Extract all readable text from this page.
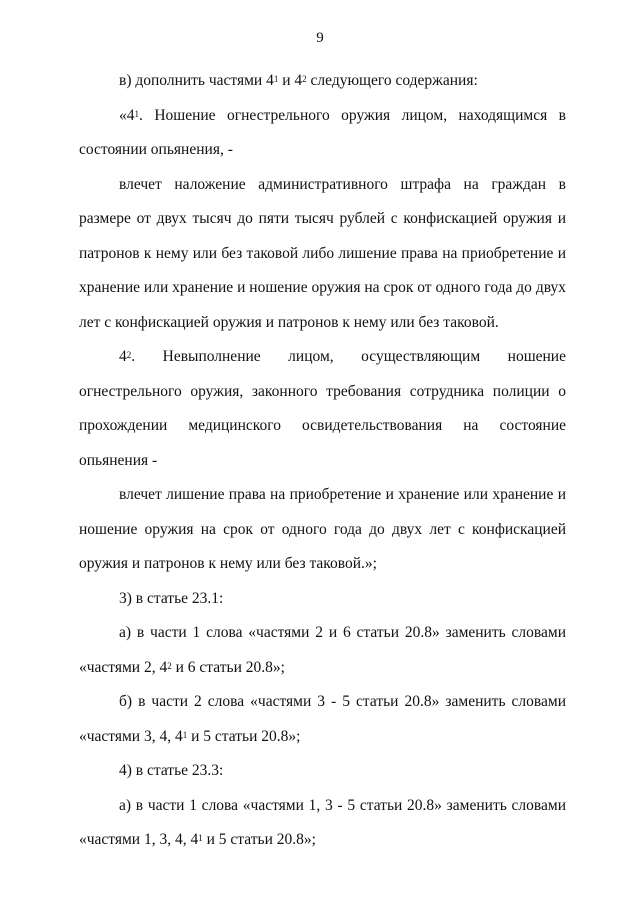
9

в) дополнить частями $4^1$ и $4^2$ следующего содержания:

«$4^1$. Ношение огнестрельного оружия лицом, находящимся в состоянии опьянения, -

влечет наложение административного штрафа на граждан в размере от двух тысяч до пяти тысяч рублей с конфискацией оружия и патронов к нему или без таковой либо лишение права на приобретение и хранение или хранение и ношение оружия на срок от одного года до двух лет с конфискацией оружия и патронов к нему или без таковой.

$4^2$. Невыполнение лицом, осуществляющим ношение огнестрельного оружия, законного требования сотрудника полиции о прохождении медицинского освидетельствования на состояние опьянения -

влечет лишение права на приобретение и хранение или хранение и ношение оружия на срок от одного года до двух лет с конфискацией оружия и патронов к нему или без таковой.»;

3) в статье 23.1:

а) в части 1 слова «частями 2 и 6 статьи 20.8» заменить словами «частями 2, $4^2$ и 6 статьи 20.8»;

б) в части 2 слова «частями 3 - 5 статьи 20.8» заменить словами «частями 3, 4, $4^1$ и 5 статьи 20.8»;

4) в статье 23.3:

а) в части 1 слова «частями 1, 3 - 5 статьи 20.8» заменить словами «частями 1, 3, 4, $4^1$ и 5 статьи 20.8»;
